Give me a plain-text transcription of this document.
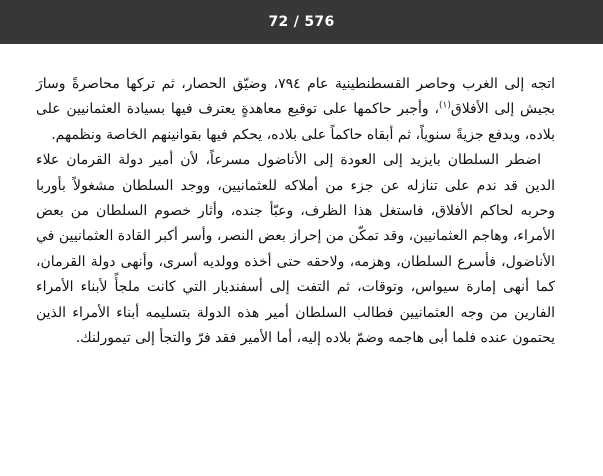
72 / 576

اتجه إلى الغرب وحاصر القسطنطينية عام ٧٩٤، وضيّق الحصار، ثم تركها محاصرةً وسارَ بجيش إلى الأفلاق$^{(١)}$، وأجبر حاكمها على توقيع معاهدةٍ يعترف فيها بسيادة العثمانيين على بلاده، ويدفع جزيةً سنوياً، ثم أبقاه حاكماً على بلاده، يحكم فيها بقوانينهم الخاصة ونظمهم.

اضطر السلطان بايزيد إلى العودة إلى الأناضول مسرعاً، لأن أمير دولة القرمان علاء الدين قد ندم على تنازله عن جزء من أملاكه للعثمانيين، ووجد السلطان مشغولاً بأوربا وحربه لحاكم الأفلاق، فاستغل هذا الظرف، وعبّأ جنده، وأثار خصوم السلطان من بعض الأمراء، وهاجم العثمانيين، وقد تمكّن من إحراز بعض النصر، وأسر أكبر القادة العثمانيين في الأناضول، فأسرع السلطان، وهزمه، ولاحقه حتى أخذه وولديه أسرى، وأنهى دولة القرمان، كما أنهى إمارة سيواس، وتوقات، ثم التفت إلى أسفنديار التي كانت ملجأً لأبناء الأمراء الفارين من وجه العثمانيين فطالب السلطان أمير هذه الدولة بتسليمه أبناء الأمراء الذين يحتمون عنده فلما أبى هاجمه وضمّ بلاده إليه، أما الأمير فقد فرّ والتجأ إلى تيمورلنك.
